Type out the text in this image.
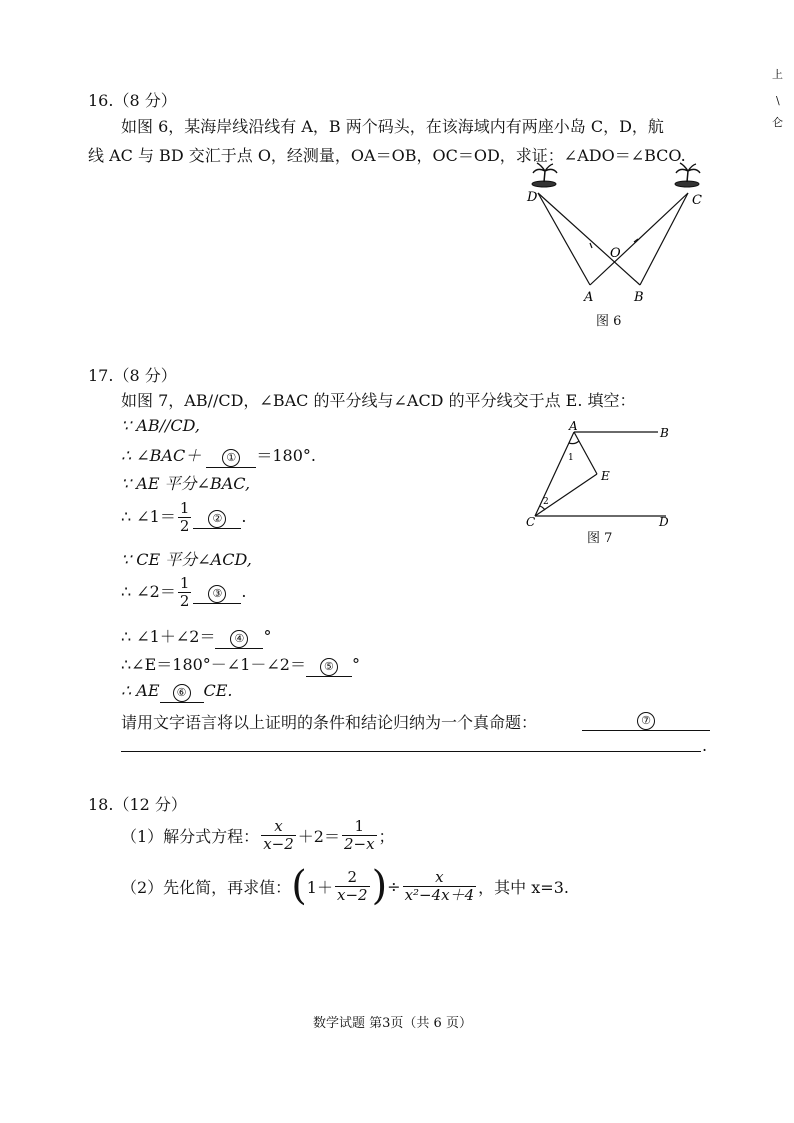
16.（8 分）
如图 6，某海岸线沿线有 A，B 两个码头，在该海域内有两座小岛 C，D，航
线 AC 与 BD 交汇于点 O，经测量，OA＝OB，OC＝OD，求证：∠ADO＝∠BCO.
D	C
O
A	B
图 6
17.（8 分）
如图 7，AB//CD，∠BAC 的平分线与∠ACD 的平分线交于点 E. 填空：
∵ AB//CD,
∴ ∠BAC＋ ① ＝180°.
∵ AE 平分∠BAC,
∴ ∠1＝ $\frac{1}{2}$ ② .
∵ CE 平分∠ACD,
∴ ∠2＝ $\frac{1}{2}$ ③ .
∴ ∠1＋∠2＝ ④ °
∴∠E＝180°－∠1－∠2＝ ⑤ °
∴ AE ⑥ CE.
请用文字语言将以上证明的条件和结论归纳为一个真命题：	⑦
.
A	B
E
C	D
1
2
图 7
18.（12 分）
（1）解分式方程： $\frac{x}{x-2} +2= \frac{1}{2-x}$ ；
（2）先化简，再求值： ( $1+ \frac{2}{x-2}$ ) ÷ $\frac{x}{\text{x²−4x＋4}}$ ，其中 x=3.
上
\
仑
数学试题 第3页（共 6 页）
